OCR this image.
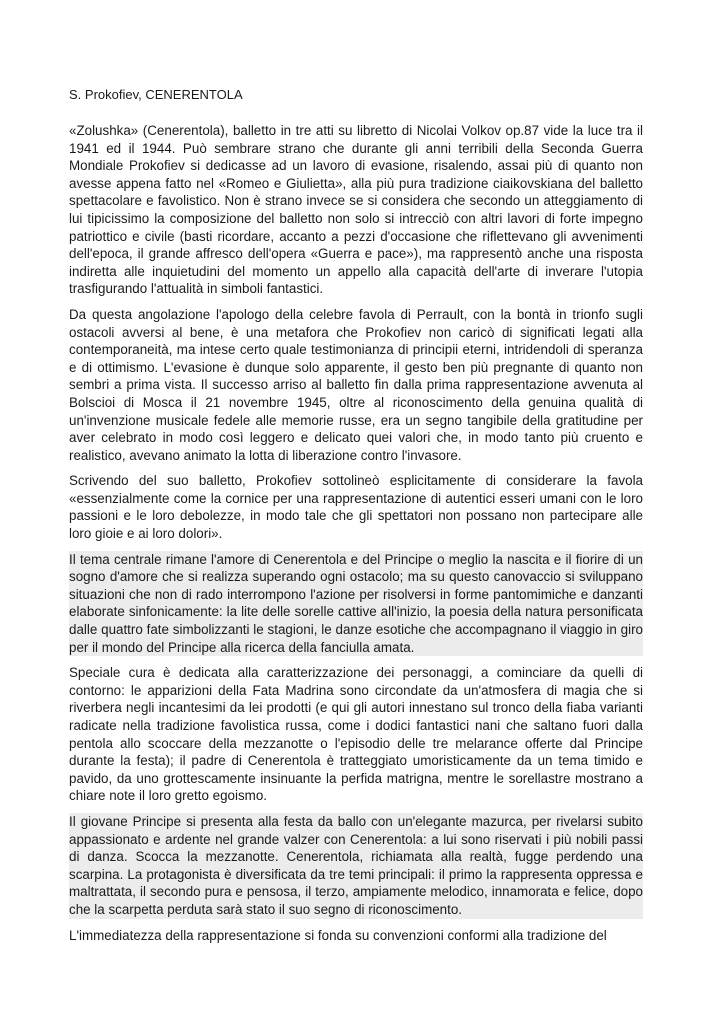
S. Prokofiev, CENERENTOLA

«Zolushka» (Cenerentola), balletto in tre atti su libretto di Nicolai Volkov op.87 vide la luce tra il 1941 ed il 1944. Può sembrare strano che durante gli anni terribili della Seconda Guerra Mondiale Prokofiev si dedicasse ad un lavoro di evasione, risalendo, assai più di quanto non avesse appena fatto nel «Romeo e Giulietta», alla più pura tradizione ciaikovskiana del balletto spettacolare e favolistico. Non è strano invece se si considera che secondo un atteggiamento di lui tipicissimo la composizione del balletto non solo si intrecciò con altri lavori di forte impegno patriottico e civile (basti ricordare, accanto a pezzi d'occasione che riflettevano gli avvenimenti dell'epoca, il grande affresco dell'opera «Guerra e pace»), ma rappresentò anche una risposta indiretta alle inquietudini del momento un appello alla capacità dell'arte di inverare l'utopia trasfigurando l'attualità in simboli fantastici.

Da questa angolazione l'apologo della celebre favola di Perrault, con la bontà in trionfo sugli ostacoli avversi al bene, è una metafora che Prokofiev non caricò di significati legati alla contemporaneità, ma intese certo quale testimonianza di principii eterni, intridendoli di speranza e di ottimismo. L'evasione è dunque solo apparente, il gesto ben più pregnante di quanto non sembri a prima vista. Il successo arriso al balletto fin dalla prima rappresentazione avvenuta al Bolscioi di Mosca il 21 novembre 1945, oltre al riconoscimento della genuina qualità di un'invenzione musicale fedele alle memorie russe, era un segno tangibile della gratitudine per aver celebrato in modo così leggero e delicato quei valori che, in modo tanto più cruento e realistico, avevano animato la lotta di liberazione contro l'invasore.

Scrivendo del suo balletto, Prokofiev sottolineò esplicitamente di considerare la favola «essenzialmente come la cornice per una rappresentazione di autentici esseri umani con le loro passioni e le loro debolezze, in modo tale che gli spettatori non possano non partecipare alle loro gioie e ai loro dolori».

Il tema centrale rimane l'amore di Cenerentola e del Principe o meglio la nascita e il fiorire di un sogno d'amore che si realizza superando ogni ostacolo; ma su questo canovaccio si sviluppano situazioni che non di rado interrompono l'azione per risolversi in forme pantomimiche e danzanti elaborate sinfonicamente: la lite delle sorelle cattive all'inizio, la poesia della natura personificata dalle quattro fate simbolizzanti le stagioni, le danze esotiche che accompagnano il viaggio in giro per il mondo del Principe alla ricerca della fanciulla amata.

Speciale cura è dedicata alla caratterizzazione dei personaggi, a cominciare da quelli di contorno: le apparizioni della Fata Madrina sono circondate da un'atmosfera di magia che si riverbera negli incantesimi da lei prodotti (e qui gli autori innestano sul tronco della fiaba varianti radicate nella tradizione favolistica russa, come i dodici fantastici nani che saltano fuori dalla pentola allo scoccare della mezzanotte o l'episodio delle tre melarance offerte dal Principe durante la festa); il padre di Cenerentola è tratteggiato umoristicamente da un tema timido e pavido, da uno grottescamente insinuante la perfida matrigna, mentre le sorellastre mostrano a chiare note il loro gretto egoismo.

Il giovane Principe si presenta alla festa da ballo con un'elegante mazurca, per rivelarsi subito appassionato e ardente nel grande valzer con Cenerentola: a lui sono riservati i più nobili passi di danza. Scocca la mezzanotte. Cenerentola, richiamata alla realtà, fugge perdendo una scarpina. La protagonista è diversificata da tre temi principali: il primo la rappresenta oppressa e maltrattata, il secondo pura e pensosa, il terzo, ampiamente melodico, innamorata e felice, dopo che la scarpetta perduta sarà stato il suo segno di riconoscimento.

L'immediatezza della rappresentazione si fonda su convenzioni conformi alla tradizione del
